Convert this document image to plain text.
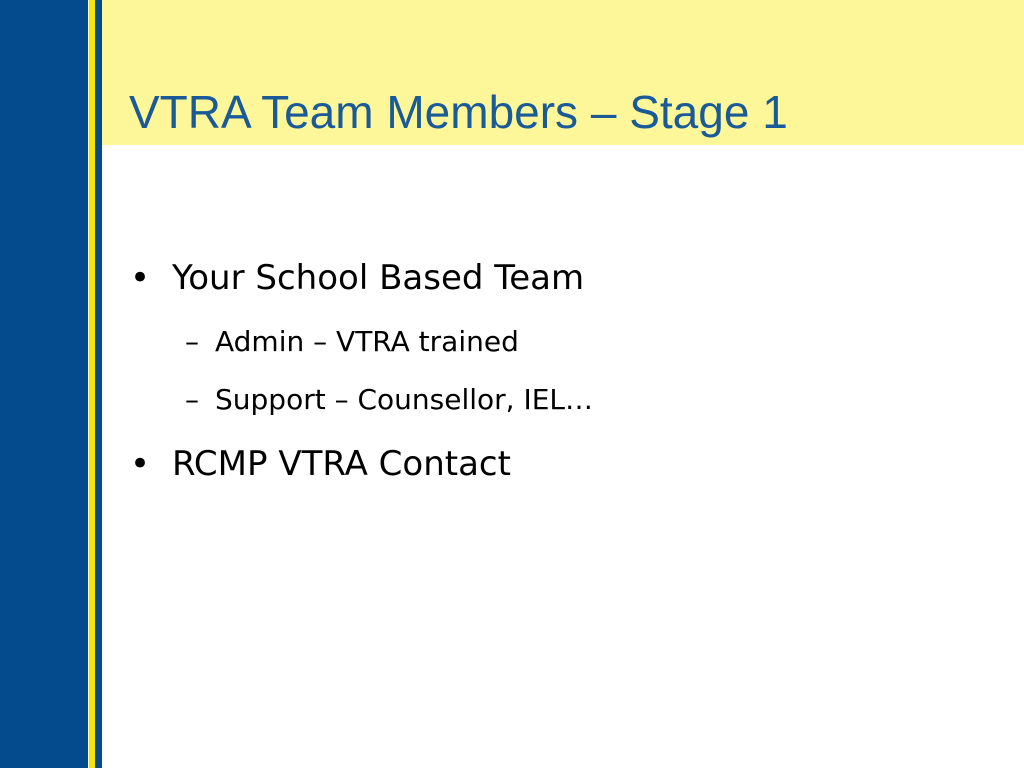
VTRA Team Members – Stage 1
• Your School Based Team
– Admin – VTRA trained
– Support – Counsellor, IEL…
• RCMP VTRA Contact
